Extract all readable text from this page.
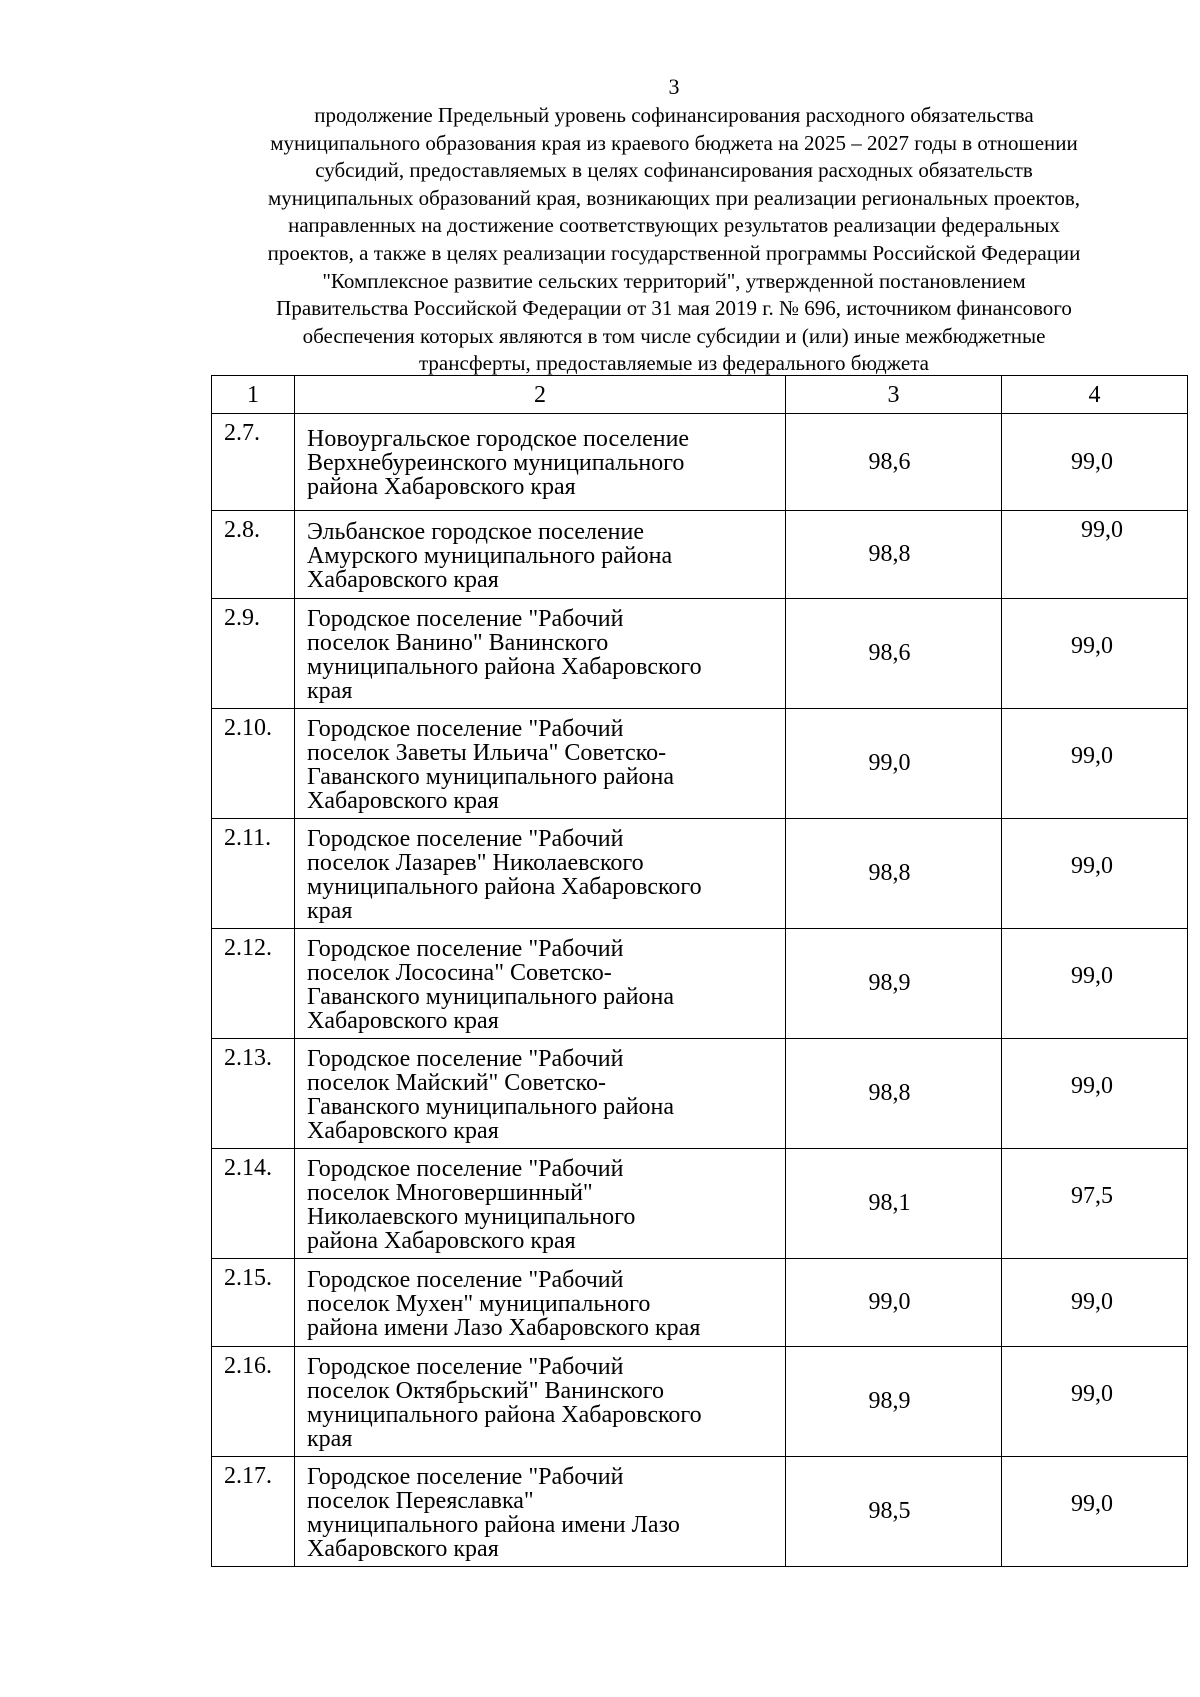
3
продолжение Предельный уровень софинансирования расходного обязательства
муниципального образования края из краевого бюджета на 2025 – 2027 годы в отношении
субсидий, предоставляемых в целях софинансирования расходных обязательств
муниципальных образований края, возникающих при реализации региональных проектов,
направленных на достижение соответствующих результатов реализации федеральных
проектов, а также в целях реализации государственной программы Российской Федерации
"Комплексное развитие сельских территорий", утвержденной постановлением
Правительства Российской Федерации от 31 мая 2019 г. № 696, источником финансового
обеспечения которых являются в том числе субсидии и (или) иные межбюджетные
трансферты, предоставляемые из федерального бюджета
1	2	3	4
2.7.	Новоургальское городское поселение
Верхнебуреинского муниципального
района Хабаровского края	98,6	99,0
2.8.	Эльбанское городское поселение
Амурского муниципального района
Хабаровского края	98,8	99,0
2.9.	Городское поселение "Рабочий
поселок Ванино" Ванинского
муниципального района Хабаровского
края	98,6	99,0
2.10.	Городское поселение "Рабочий
поселок Заветы Ильича" Советско-
Гаванского муниципального района
Хабаровского края	99,0	99,0
2.11.	Городское поселение "Рабочий
поселок Лазарев" Николаевского
муниципального района Хабаровского
края	98,8	99,0
2.12.	Городское поселение "Рабочий
поселок Лососина" Советско-
Гаванского муниципального района
Хабаровского края	98,9	99,0
2.13.	Городское поселение "Рабочий
поселок Майский" Советско-
Гаванского муниципального района
Хабаровского края	98,8	99,0
2.14.	Городское поселение "Рабочий
поселок Многовершинный"
Николаевского муниципального
района Хабаровского края	98,1	97,5
2.15.	Городское поселение "Рабочий
поселок Мухен" муниципального
района имени Лазо Хабаровского края	99,0	99,0
2.16.	Городское поселение "Рабочий
поселок Октябрьский" Ванинского
муниципального района Хабаровского
края	98,9	99,0
2.17.	Городское поселение "Рабочий
поселок Переяславка"
муниципального района имени Лазо
Хабаровского края	98,5	99,0
